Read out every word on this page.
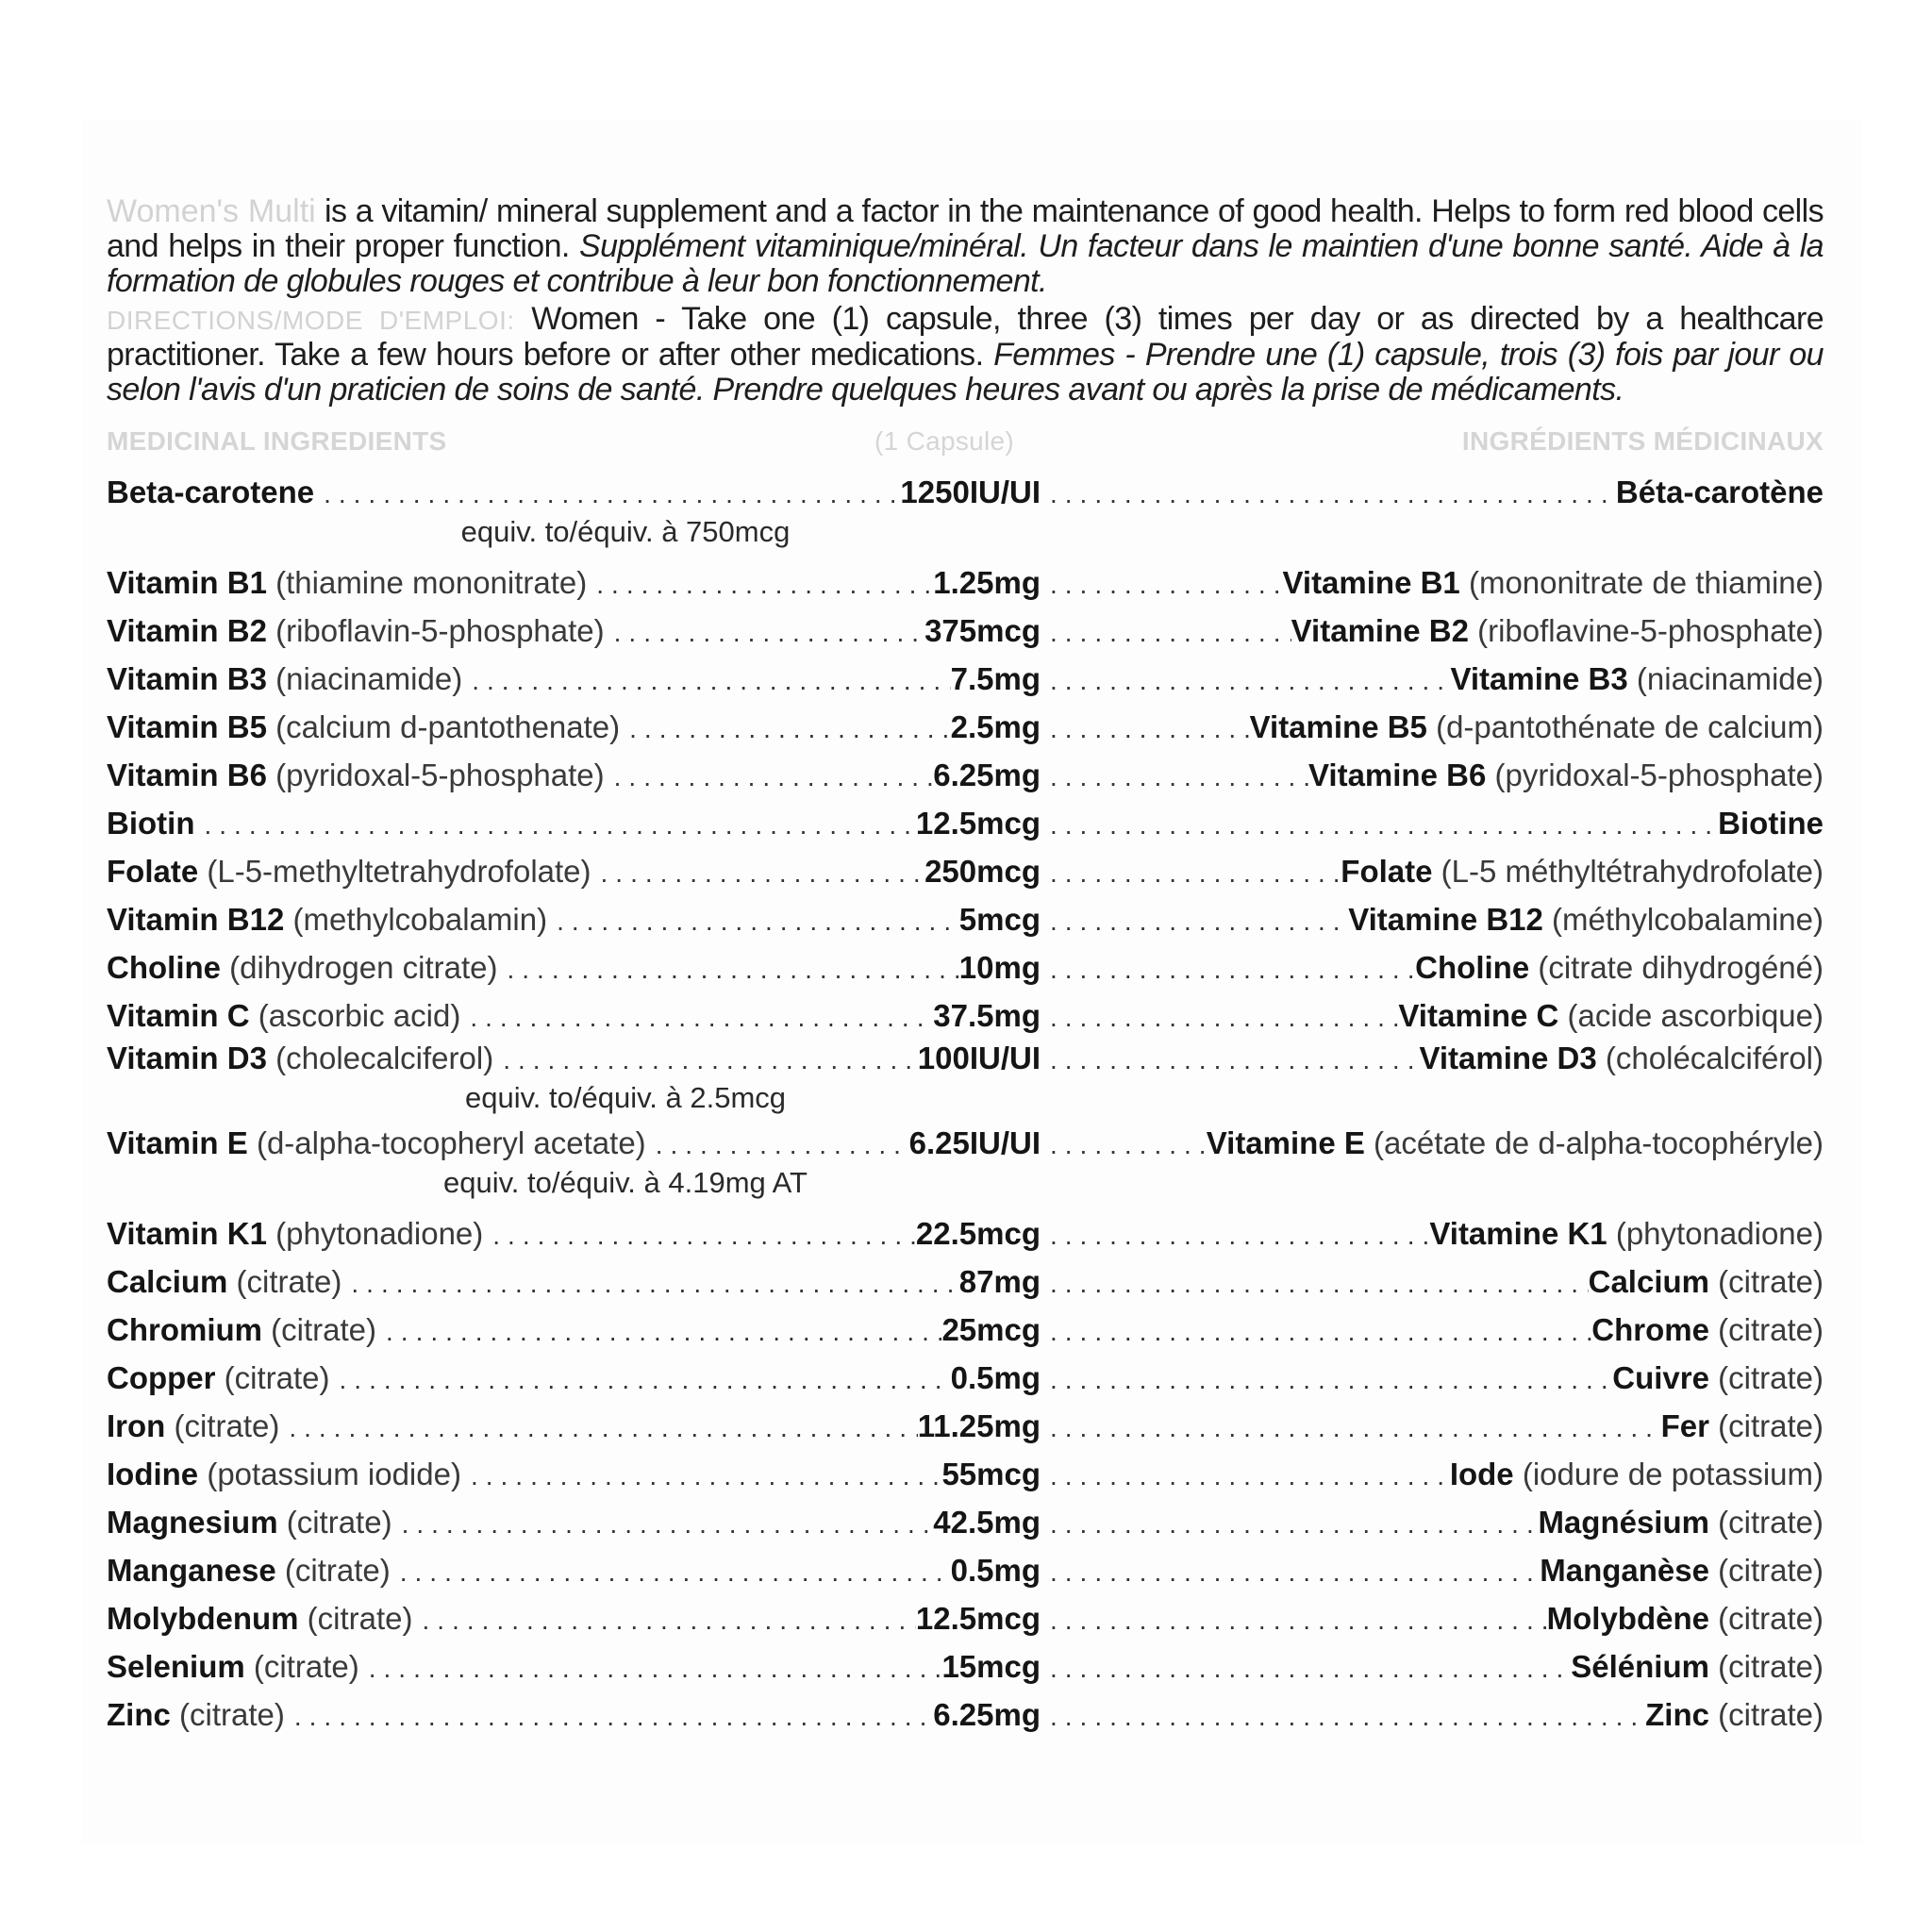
Women's Multi is a vitamin/ mineral supplement and a factor in the maintenance of good health. Helps to form red blood cells and helps in their proper function. Supplément vitaminique/minéral. Un facteur dans le maintien d'une bonne santé. Aide à la formation de globules rouges et contribue à leur bon fonctionnement.
DIRECTIONS/MODE D'EMPLOI: Women - Take one (1) capsule, three (3) times per day or as directed by a healthcare practitioner. Take a few hours before or after other medications. Femmes - Prendre une (1) capsule, trois (3) fois par jour ou selon l'avis d'un praticien de soins de santé. Prendre quelques heures avant ou après la prise de médicaments.
MEDICINAL INGREDIENTS	(1 Capsule)	INGRÉDIENTS MÉDICINAUX
Beta-carotene .....	1250IU/UI .....	Béta-carotène
equiv. to/équiv. à 750mcg
Vitamin B1 (thiamine mononitrate) .....	1.25mg .....	Vitamine B1 (mononitrate de thiamine)
Vitamin B2 (riboflavin-5-phosphate) .....	375mcg .....	Vitamine B2 (riboflavine-5-phosphate)
Vitamin B3 (niacinamide) .....	7.5mg .....	Vitamine B3 (niacinamide)
Vitamin B5 (calcium d-pantothenate) .....	2.5mg .....	Vitamine B5 (d-pantothénate de calcium)
Vitamin B6 (pyridoxal-5-phosphate) .....	6.25mg .....	Vitamine B6 (pyridoxal-5-phosphate)
Biotin .....	12.5mcg .....	Biotine
Folate (L-5-methyltetrahydrofolate) .....	250mcg .....	Folate (L-5 méthyltétrahydrofolate)
Vitamin B12 (methylcobalamin) .....	5mcg .....	Vitamine B12 (méthylcobalamine)
Choline (dihydrogen citrate) .....	10mg .....	Choline (citrate dihydrogéné)
Vitamin C (ascorbic acid) .....	37.5mg .....	Vitamine C (acide ascorbique)
Vitamin D3 (cholecalciferol) .....	100IU/UI .....	Vitamine D3 (cholécalciférol)
equiv. to/équiv. à 2.5mcg
Vitamin E (d-alpha-tocopheryl acetate) .....	6.25IU/UI .....	Vitamine E (acétate de d-alpha-tocophéryle)
equiv. to/équiv. à 4.19mg AT
Vitamin K1 (phytonadione) .....	22.5mcg .....	Vitamine K1 (phytonadione)
Calcium (citrate) .....	87mg .....	Calcium (citrate)
Chromium (citrate) .....	25mcg .....	Chrome (citrate)
Copper (citrate) .....	0.5mg .....	Cuivre (citrate)
Iron (citrate) .....	11.25mg .....	Fer (citrate)
Iodine (potassium iodide) .....	55mcg .....	Iode (iodure de potassium)
Magnesium (citrate) .....	42.5mg .....	Magnésium (citrate)
Manganese (citrate) .....	0.5mg .....	Manganèse (citrate)
Molybdenum (citrate) .....	12.5mcg .....	Molybdène (citrate)
Selenium (citrate) .....	15mcg .....	Sélénium (citrate)
Zinc (citrate) .....	6.25mg .....	Zinc (citrate)
